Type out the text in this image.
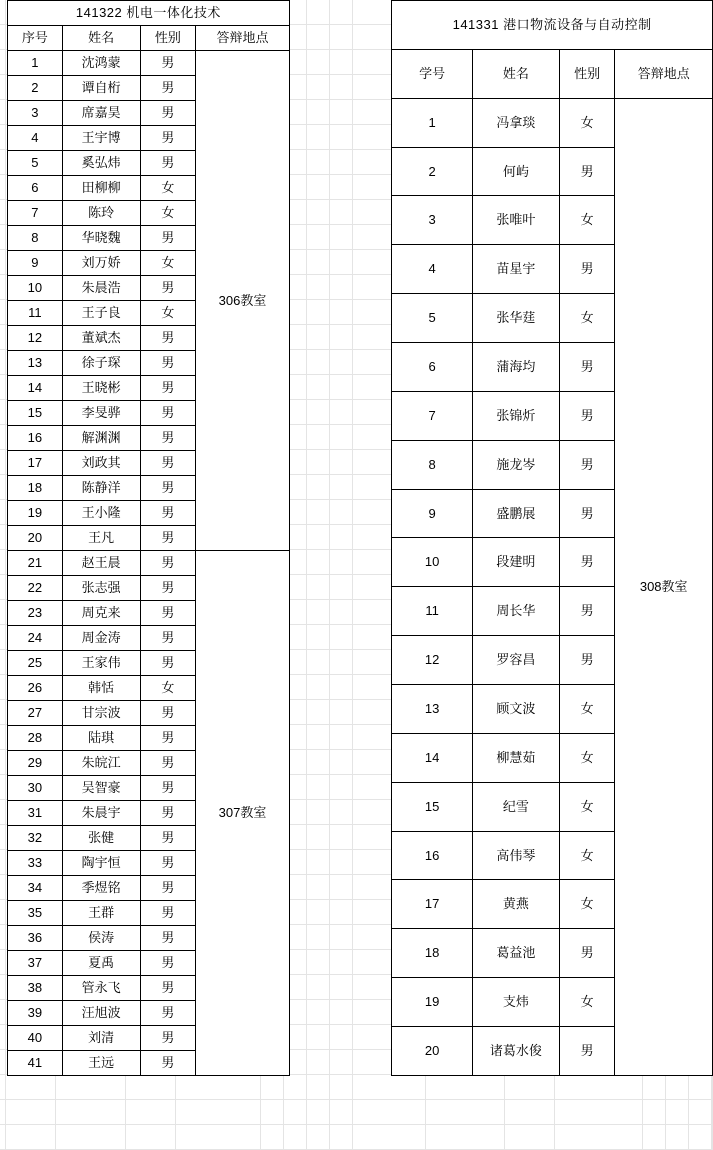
141322 机电一体化技术			
序号	姓名	性别	答辩地点
1	沈鸿蒙	男	306教室
2	谭自桁	男	
3	席嘉昊	男	
4	王宇博	男	
5	奚弘炜	男	
6	田柳柳	女	
7	陈玲	女	
8	华晓魏	男	
9	刘万娇	女	
10	朱晨浩	男	
11	王子良	女	
12	董斌杰	男	
13	徐子琛	男	
14	王晓彬	男	
15	李旻骅	男	
16	解渊渊	男	
17	刘政其	男	
18	陈静洋	男	
19	王小隆	男	
20	王凡	男	
21	赵王晨	男	307教室
22	张志强	男	
23	周克来	男	
24	周金涛	男	
25	王家伟	男	
26	韩恬	女	
27	甘宗波	男	
28	陆琪	男	
29	朱皖江	男	
30	吴智豪	男	
31	朱晨宇	男	
32	张健	男	
33	陶宇恒	男	
34	季煜铭	男	
35	王群	男	
36	侯涛	男	
37	夏禹	男	
38	管永飞	男	
39	汪旭波	男	
40	刘清	男	
41	王远	男	
141331 港口物流设备与自动控制			
学号	姓名	性别	答辩地点
1	冯拿琰	女	308教室
2	何屿	男	
3	张唯叶	女	
4	苗星宇	男	
5	张华莛	女	
6	蒲海均	男	
7	张锦炘	男	
8	施龙岑	男	
9	盛鹏展	男	
10	段建明	男	
11	周长华	男	
12	罗容昌	男	
13	顾文波	女	
14	柳慧茹	女	
15	纪雪	女	
16	高伟琴	女	
17	黄燕	女	
18	葛益池	男	
19	支炜	女	
20	诸葛水俊	男	
